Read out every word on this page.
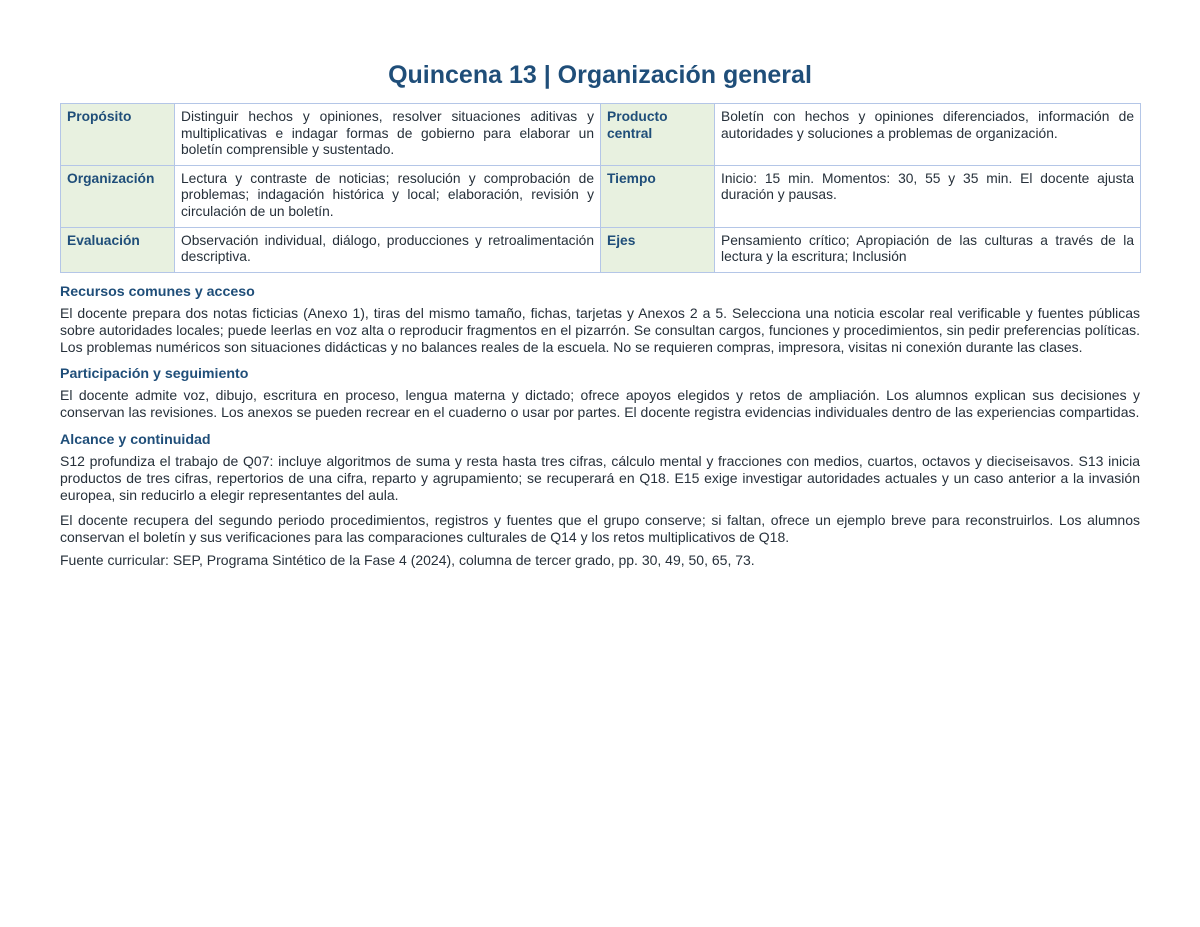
Quincena 13 | Organización general
Propósito	Distinguir hechos y opiniones, resolver situaciones aditivas y multiplicativas e indagar formas de gobierno para elaborar un boletín comprensible y sustentado.	Producto central	Boletín con hechos y opiniones diferenciados, información de autoridades y soluciones a problemas de organización.
Organización	Lectura y contraste de noticias; resolución y comprobación de problemas; indagación histórica y local; elaboración, revisión y circulación de un boletín.	Tiempo	Inicio: 15 min. Momentos: 30, 55 y 35 min. El docente ajusta duración y pausas.
Evaluación	Observación individual, diálogo, producciones y retroalimentación descriptiva.	Ejes	Pensamiento crítico; Apropiación de las culturas a través de la lectura y la escritura; Inclusión
Recursos comunes y acceso

El docente prepara dos notas ficticias (Anexo 1), tiras del mismo tamaño, fichas, tarjetas y Anexos 2 a 5. Selecciona una noticia escolar real verificable y fuentes públicas sobre autoridades locales; puede leerlas en voz alta o reproducir fragmentos en el pizarrón. Se consultan cargos, funciones y procedimientos, sin pedir preferencias políticas. Los problemas numéricos son situaciones didácticas y no balances reales de la escuela. No se requieren compras, impresora, visitas ni conexión durante las clases.

Participación y seguimiento

El docente admite voz, dibujo, escritura en proceso, lengua materna y dictado; ofrece apoyos elegidos y retos de ampliación. Los alumnos explican sus decisiones y conservan las revisiones. Los anexos se pueden recrear en el cuaderno o usar por partes. El docente registra evidencias individuales dentro de las experiencias compartidas.

Alcance y continuidad

S12 profundiza el trabajo de Q07: incluye algoritmos de suma y resta hasta tres cifras, cálculo mental y fracciones con medios, cuartos, octavos y dieciseisavos. S13 inicia productos de tres cifras, repertorios de una cifra, reparto y agrupamiento; se recuperará en Q18. E15 exige investigar autoridades actuales y un caso anterior a la invasión europea, sin reducirlo a elegir representantes del aula.

El docente recupera del segundo periodo procedimientos, registros y fuentes que el grupo conserve; si faltan, ofrece un ejemplo breve para reconstruirlos. Los alumnos conservan el boletín y sus verificaciones para las comparaciones culturales de Q14 y los retos multiplicativos de Q18.

Fuente curricular: SEP, Programa Sintético de la Fase 4 (2024), columna de tercer grado, pp. 30, 49, 50, 65, 73.
